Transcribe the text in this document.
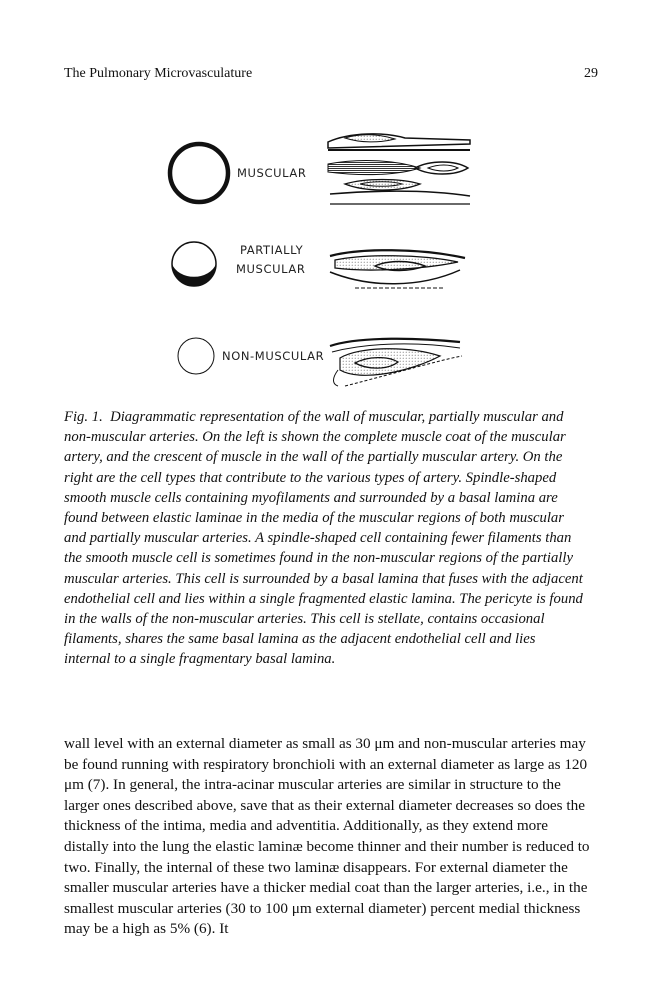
The Pulmonary Microvasculature	29
MUSCULAR
PARTIALLY
MUSCULAR
NON-MUSCULAR

Fig. 1. Diagrammatic representation of the wall of muscular, partially muscular and non-muscular arteries. On the left is shown the complete muscle coat of the muscular artery, and the crescent of muscle in the wall of the partially muscular artery. On the right are the cell types that contribute to the various types of artery. Spindle-shaped smooth muscle cells containing myofilaments and surrounded by a basal lamina are found between elastic laminae in the media of the muscular regions of both muscular and partially muscular arteries. A spindle-shaped cell containing fewer filaments than the smooth muscle cell is sometimes found in the non-muscular regions of the partially muscular arteries. This cell is surrounded by a basal lamina that fuses with the adjacent endothelial cell and lies within a single fragmented elastic lamina. The pericyte is found in the walls of the non-muscular arteries. This cell is stellate, contains occasional filaments, shares the same basal lamina as the adjacent endothelial cell and lies internal to a single fragmentary basal lamina.

wall level with an external diameter as small as 30 μm and non-muscular arteries may be found running with respiratory bronchioli with an external diameter as large as 120 μm (7). In general, the intra-acinar muscular arteries are similar in structure to the larger ones described above, save that as their external diameter decreases so does the thickness of the intima, media and adventitia. Additionally, as they extend more distally into the lung the elastic laminæ become thinner and their number is reduced to two. Finally, the internal of these two laminæ disappears. For external diameter the smaller muscular arteries have a thicker medial coat than the larger arteries, i.e., in the smallest muscular arteries (30 to 100 μm external diameter) percent medial thickness may be a high as 5% (6). It
